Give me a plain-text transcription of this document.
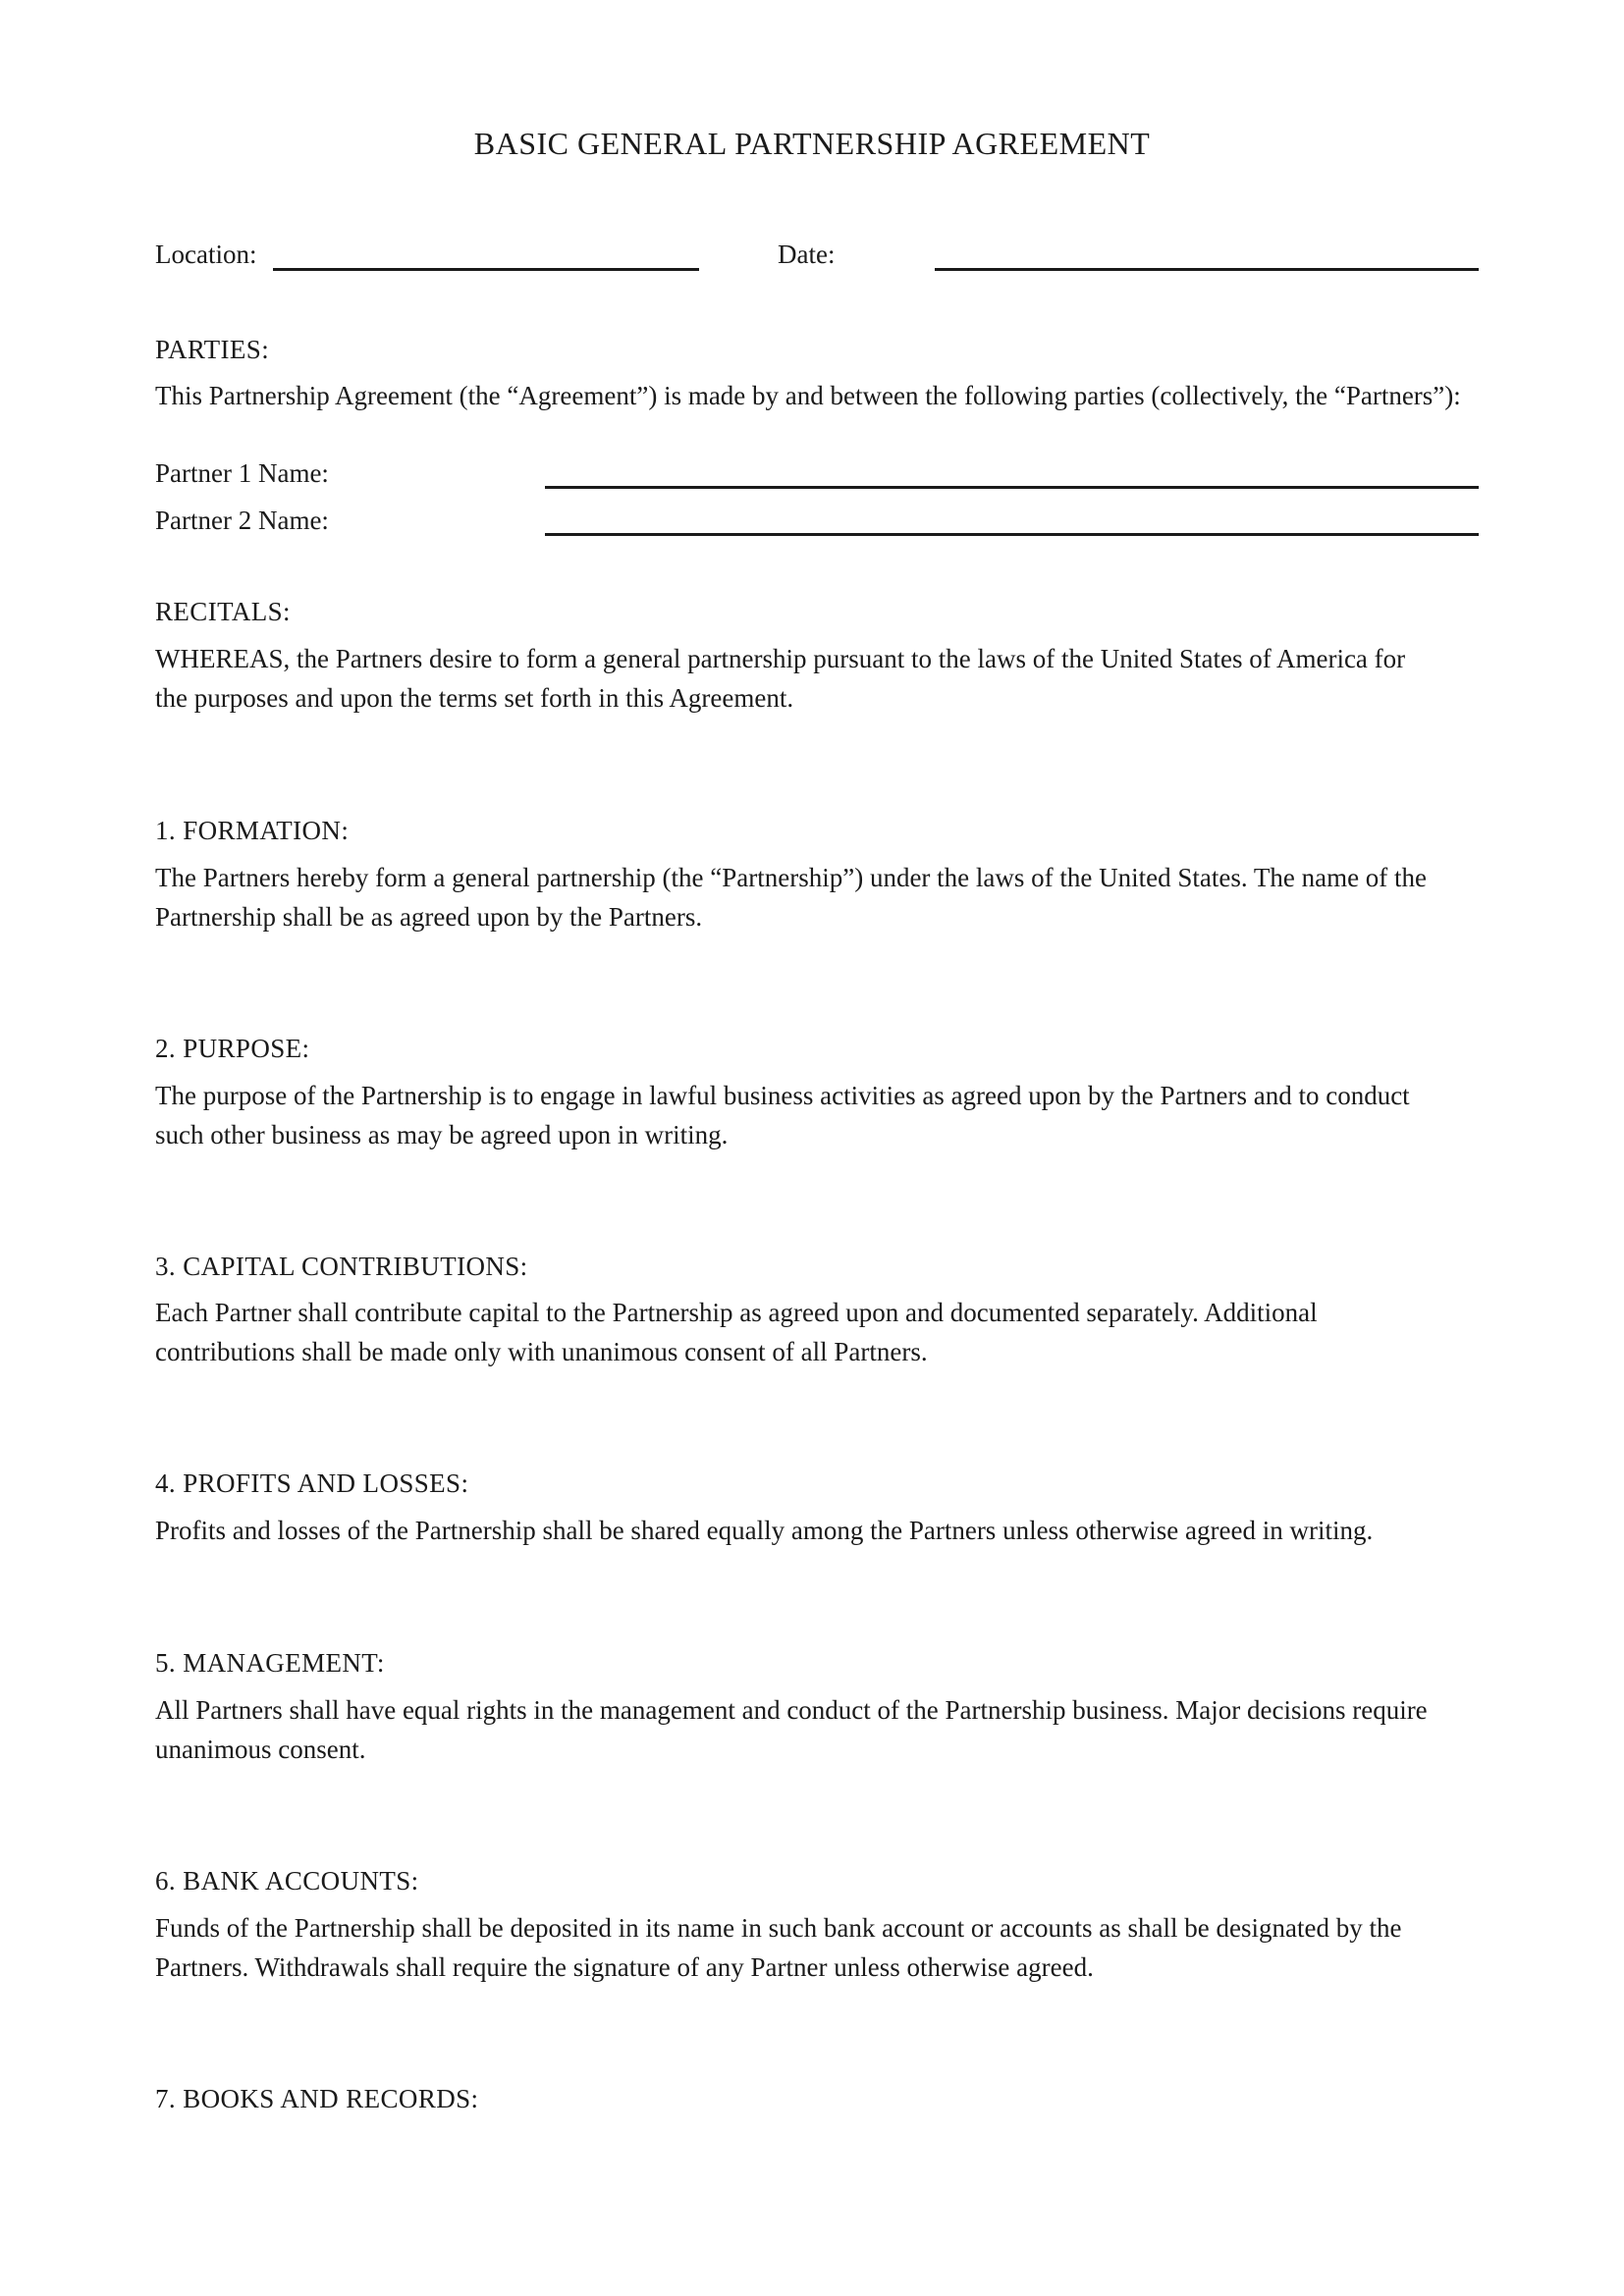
BASIC GENERAL PARTNERSHIP AGREEMENT
Location:	Date:
PARTIES:
This Partnership Agreement (the “Agreement”) is made by and between the following parties (collectively, the “Partners”):
Partner 1 Name:
Partner 2 Name:
RECITALS:
WHEREAS, the Partners desire to form a general partnership pursuant to the laws of the United States of America for
the purposes and upon the terms set forth in this Agreement.
1. FORMATION:
The Partners hereby form a general partnership (the “Partnership”) under the laws of the United States. The name of the
Partnership shall be as agreed upon by the Partners.
2. PURPOSE:
The purpose of the Partnership is to engage in lawful business activities as agreed upon by the Partners and to conduct
such other business as may be agreed upon in writing.
3. CAPITAL CONTRIBUTIONS:
Each Partner shall contribute capital to the Partnership as agreed upon and documented separately. Additional
contributions shall be made only with unanimous consent of all Partners.
4. PROFITS AND LOSSES:
Profits and losses of the Partnership shall be shared equally among the Partners unless otherwise agreed in writing.
5. MANAGEMENT:
All Partners shall have equal rights in the management and conduct of the Partnership business. Major decisions require
unanimous consent.
6. BANK ACCOUNTS:
Funds of the Partnership shall be deposited in its name in such bank account or accounts as shall be designated by the
Partners. Withdrawals shall require the signature of any Partner unless otherwise agreed.
7. BOOKS AND RECORDS:
